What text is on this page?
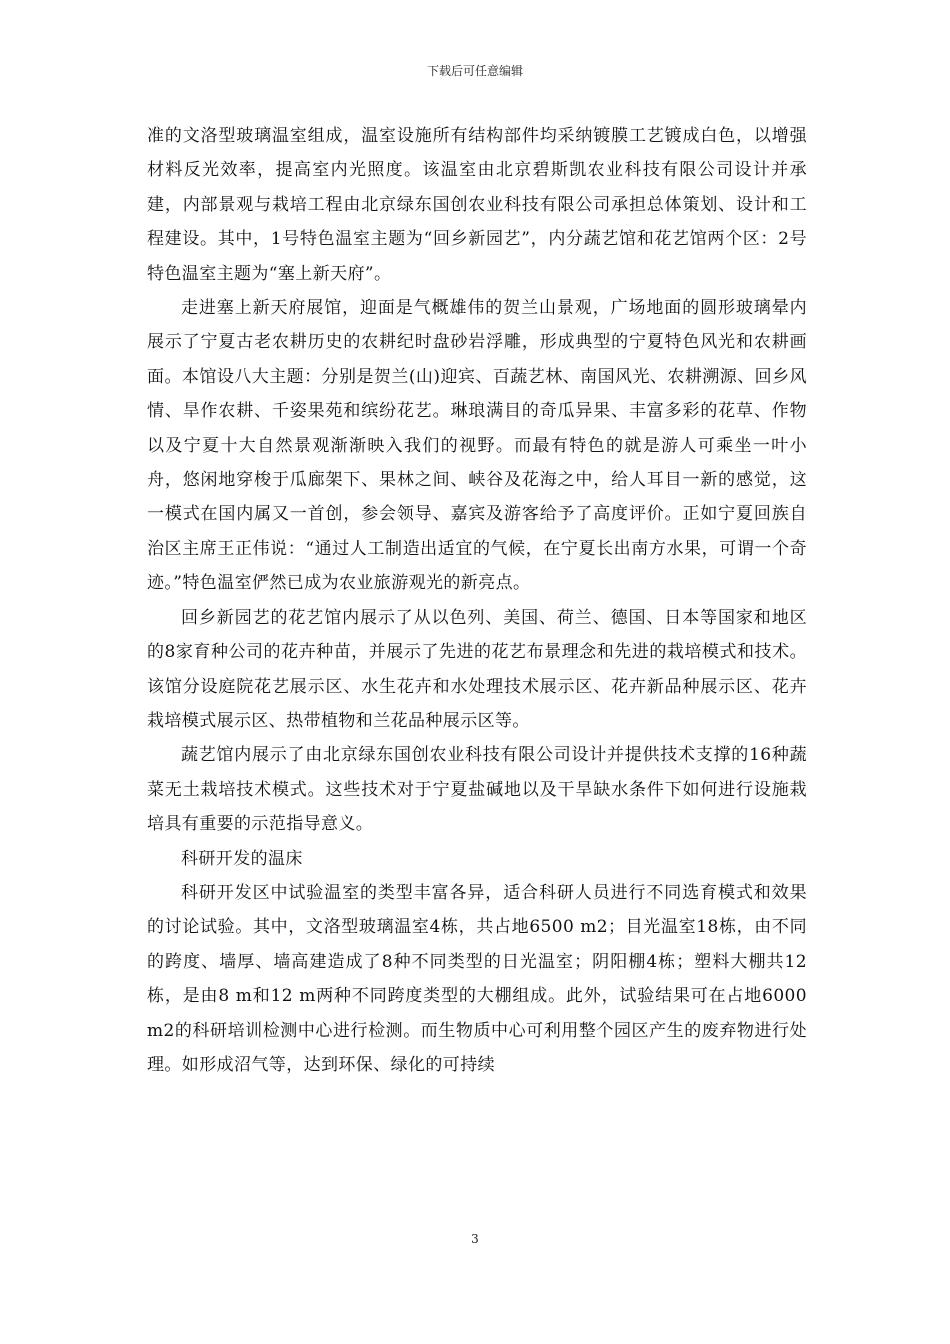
下载后可任意编辑

准的文洛型玻璃温室组成，温室设施所有结构部件均采纳镀膜工艺镀成白色，以增强材料反光效率，提高室内光照度。该温室由北京碧斯凯农业科技有限公司设计并承建，内部景观与栽培工程由北京绿东国创农业科技有限公司承担总体策划、设计和工程建设。其中，1号特色温室主题为“回乡新园艺”，内分蔬艺馆和花艺馆两个区：2号特色温室主题为“塞上新天府”。

走进塞上新天府展馆，迎面是气概雄伟的贺兰山景观，广场地面的圆形玻璃晕内展示了宁夏古老农耕历史的农耕纪时盘砂岩浮雕，形成典型的宁夏特色风光和农耕画面。本馆设八大主题：分别是贺兰(山)迎宾、百蔬艺林、南国风光、农耕溯源、回乡风情、旱作农耕、千姿果苑和缤纷花艺。琳琅满目的奇瓜异果、丰富多彩的花草、作物以及宁夏十大自然景观渐渐映入我们的视野。而最有特色的就是游人可乘坐一叶小舟，悠闲地穿梭于瓜廊架下、果林之间、峡谷及花海之中，给人耳目一新的感觉，这一模式在国内属又一首创，参会领导、嘉宾及游客给予了高度评价。正如宁夏回族自治区主席王正伟说：“通过人工制造出适宜的气候，在宁夏长出南方水果，可谓一个奇迹。”特色温室俨然已成为农业旅游观光的新亮点。

回乡新园艺的花艺馆内展示了从以色列、美国、荷兰、德国、日本等国家和地区的8家育种公司的花卉种苗，并展示了先进的花艺布景理念和先进的栽培模式和技术。该馆分设庭院花艺展示区、水生花卉和水处理技术展示区、花卉新品种展示区、花卉栽培模式展示区、热带植物和兰花品种展示区等。

蔬艺馆内展示了由北京绿东国创农业科技有限公司设计并提供技术支撑的16种蔬菜无土栽培技术模式。这些技术对于宁夏盐碱地以及干旱缺水条件下如何进行设施栽培具有重要的示范指导意义。

科研开发的温床

科研开发区中试验温室的类型丰富各异，适合科研人员进行不同选育模式和效果的讨论试验。其中，文洛型玻璃温室4栋，共占地6500 m2；目光温室18栋，由不同的跨度、墙厚、墙高建造成了8种不同类型的日光温室；阴阳棚4栋；塑料大棚共12栋，是由8 m和12 m两种不同跨度类型的大棚组成。此外，试验结果可在占地6000 m2的科研培训检测中心进行检测。而生物质中心可利用整个园区产生的废弃物进行处理。如形成沼气等，达到环保、绿化的可持续

3
